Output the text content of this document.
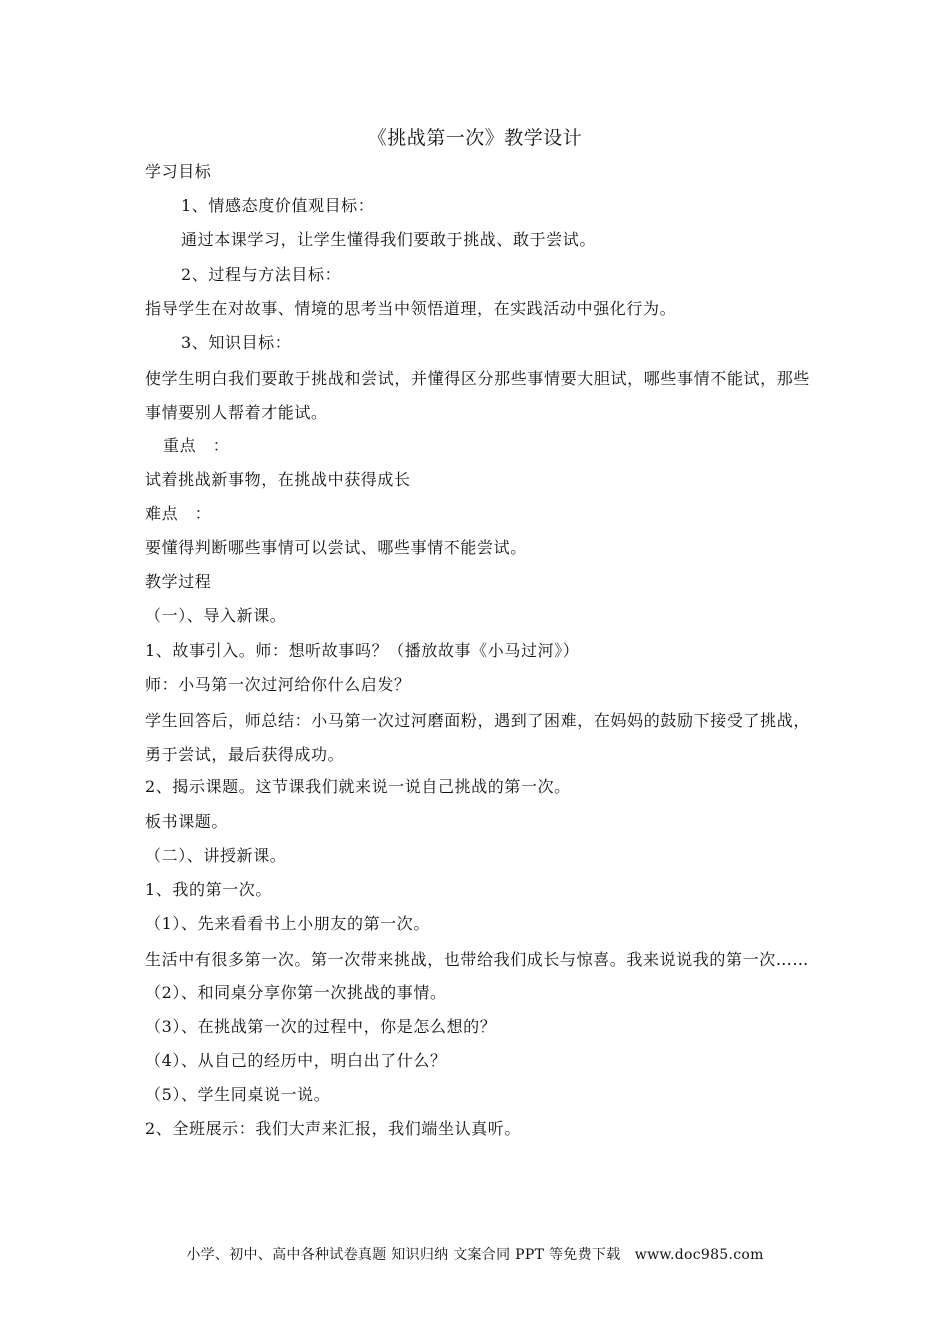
《挑战第一次》教学设计
学习目标
1、情感态度价值观目标：
通过本课学习，让学生懂得我们要敢于挑战、敢于尝试。
2、过程与方法目标：
指导学生在对故事、情境的思考当中领悟道理，在实践活动中强化行为。
3、知识目标：
使学生明白我们要敢于挑战和尝试，并懂得区分那些事情要大胆试，哪些事情不能试，那些事情要别人帮着才能试。
重点　：
试着挑战新事物，在挑战中获得成长
难点　：
要懂得判断哪些事情可以尝试、哪些事情不能尝试。
教学过程
（一）、导入新课。
1、故事引入。师：想听故事吗？（播放故事《小马过河》）
师：小马第一次过河给你什么启发？
学生回答后，师总结：小马第一次过河磨面粉，遇到了困难，在妈妈的鼓励下接受了挑战，勇于尝试，最后获得成功。
2、揭示课题。这节课我们就来说一说自己挑战的第一次。
板书课题。
（二）、讲授新课。
1、我的第一次。
（1）、先来看看书上小朋友的第一次。
生活中有很多第一次。第一次带来挑战，也带给我们成长与惊喜。我来说说我的第一次……
（2）、和同桌分享你第一次挑战的事情。
（3）、在挑战第一次的过程中，你是怎么想的？
（4）、从自己的经历中，明白出了什么？
（5）、学生同桌说一说。
2、全班展示：我们大声来汇报，我们端坐认真听。
小学、初中、高中各种试卷真题 知识归纳 文案合同 PPT 等免费下载　www.doc985.com
